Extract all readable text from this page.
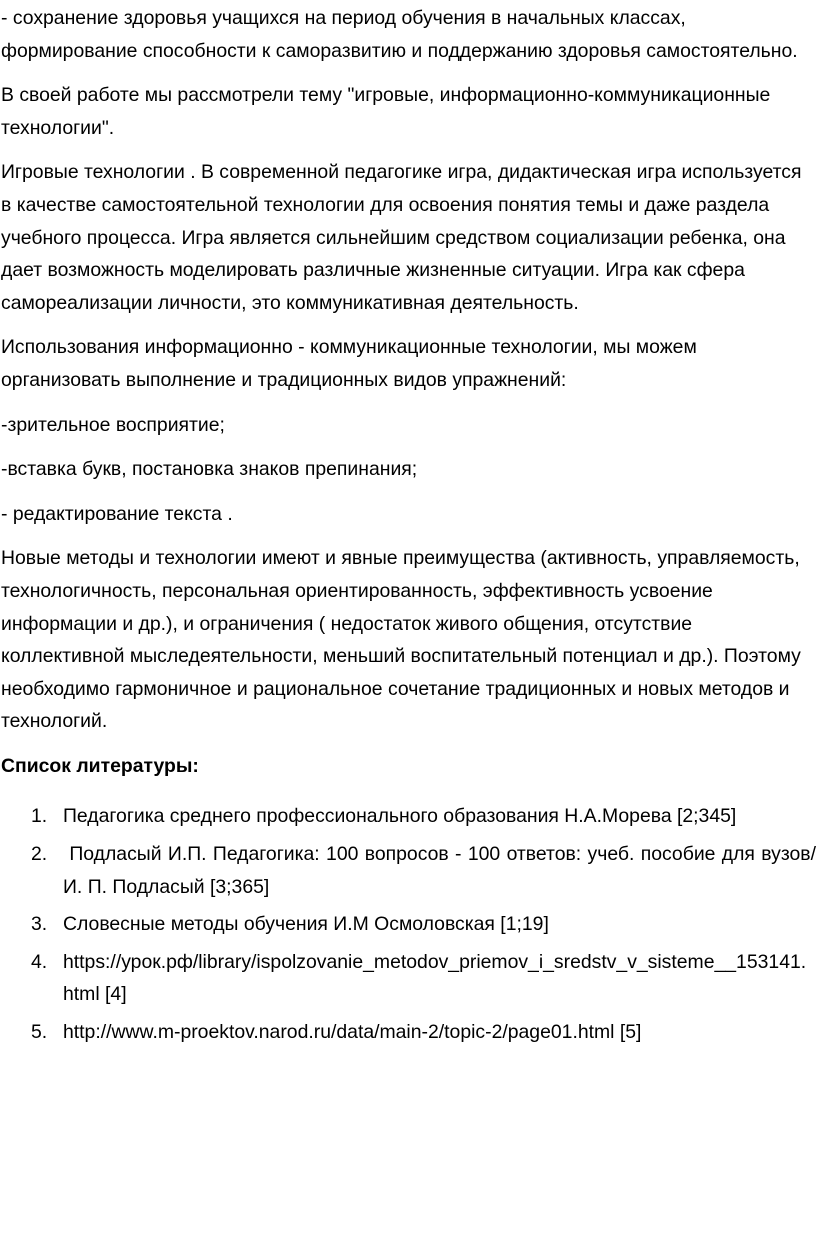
- сохранение здоровья учащихся на период обучения в начальных классах, формирование способности к саморазвитию и поддержанию здоровья самостоятельно.

В своей работе мы рассмотрели тему "игровые, информационно-коммуникационные технологии".

Игровые технологии . В современной педагогике игра, дидактическая игра используется в качестве самостоятельной технологии для освоения понятия темы и даже раздела учебного процесса. Игра является сильнейшим средством социализации ребенка, она дает возможность моделировать различные жизненные ситуации. Игра как сфера самореализации личности, это коммуникативная деятельность.

Использования информационно - коммуникационные технологии, мы можем организовать выполнение и традиционных видов упражнений:

-зрительное восприятие;

-вставка букв, постановка знаков препинания;

- редактирование текста .

Новые методы и технологии имеют и явные преимущества (активность, управляемость, технологичность, персональная ориентированность, эффективность усвоение информации и др.), и ограничения ( недостаток живого общения, отсутствие коллективной мыследеятельности, меньший воспитательный потенциал и др.). Поэтому необходимо гармоничное и рациональное сочетание традиционных и новых методов и технологий.

Список литературы:

1. Педагогика среднего профессионального образования Н.А.Морева [2;345]
2.	Подласый И.П. Педагогика: 100 вопросов - 100 ответов: учеб. пособие для вузов/ И. П. Подласый [3;365]
3. Словесные методы обучения И.М Осмоловская [1;19]
4. https://урок.рф/library/ispolzovanie_metodov_priemov_i_sredstv_v_sisteme__153141.html [4]
5. http://www.m-proektov.narod.ru/data/main-2/topic-2/page01.html [5]
